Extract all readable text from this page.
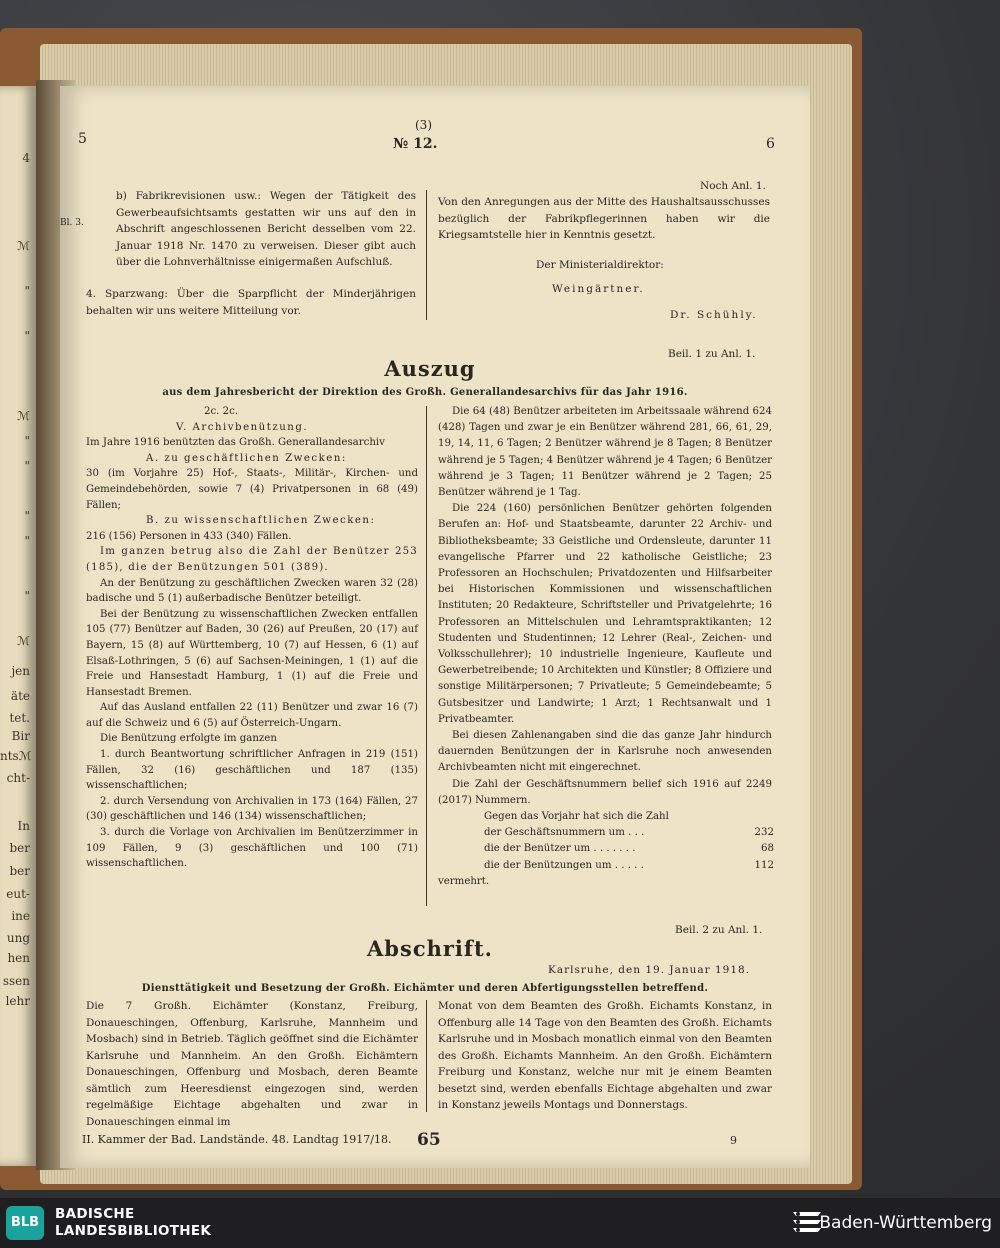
4
ℳ
"
"
ℳ
"
"
"
"
"
ℳ
jen
äte
tet.
Bir
ntsℳ
cht-
In
ber
ber
eut-
ine
ung
hen
ssen
lehr
5
(3)
№ 12.	6
Bl. 3.
b) Fabrikrevisionen usw.: Wegen der Tätigkeit des Gewerbeaufsichtsamts gestatten wir uns auf den in Abschrift angeschlossenen Bericht desselben vom 22. Januar 1918 Nr. 1470 zu verweisen. Dieser gibt auch über die Lohnverhältnisse einigermaßen Aufschluß.
4. Sparzwang: Über die Sparpflicht der Minderjährigen behalten wir uns weitere Mitteilung vor.
Noch Anl. 1.
Von den Anregungen aus der Mitte des Haushaltsausschusses bezüglich der Fabrikpflegerinnen haben wir die Kriegsamtstelle hier in Kenntnis gesetzt.
Der Ministerialdirektor:
Weingärtner.
Dr. Schühly.
Beil. 1 zu Anl. 1.
Auszug
aus dem Jahresbericht der Direktion des Großh. Generallandesarchivs für das Jahr 1916.

2c. 2c.

V. Archivbenützung.

Im Jahre 1916 benützten das Großh. Generallandesarchiv

A. zu geschäftlichen Zwecken:

30 (im Vorjahre 25) Hof-, Staats-, Militär-, Kirchen- und Gemeindebehörden, sowie 7 (4) Privatpersonen in 68 (49) Fällen;

B. zu wissenschaftlichen Zwecken:

216 (156) Personen in 433 (340) Fällen.

Im ganzen betrug also die Zahl der Benützer 253 (185), die der Benützungen 501 (389).

An der Benützung zu geschäftlichen Zwecken waren 32 (28) badische und 5 (1) außerbadische Benützer beteiligt.

Bei der Benützung zu wissenschaftlichen Zwecken entfallen 105 (77) Benützer auf Baden, 30 (26) auf Preußen, 20 (17) auf Bayern, 15 (8) auf Württemberg, 10 (7) auf Hessen, 6 (1) auf Elsaß-Lothringen, 5 (6) auf Sachsen-Meiningen, 1 (1) auf die Freie und Hansestadt Hamburg, 1 (1) auf die Freie und Hansestadt Bremen.

Auf das Ausland entfallen 22 (11) Benützer und zwar 16 (7) auf die Schweiz und 6 (5) auf Österreich-Ungarn.

Die Benützung erfolgte im ganzen

1. durch Beantwortung schriftlicher Anfragen in 219 (151) Fällen, 32 (16) geschäftlichen und 187 (135) wissenschaftlichen;

2. durch Versendung von Archivalien in 173 (164) Fällen, 27 (30) geschäftlichen und 146 (134) wissenschaftlichen;

3. durch die Vorlage von Archivalien im Benützerzimmer in 109 Fällen, 9 (3) geschäftlichen und 100 (71) wissenschaftlichen.

Die 64 (48) Benützer arbeiteten im Arbeitssaale während 624 (428) Tagen und zwar je ein Benützer während 281, 66, 61, 29, 19, 14, 11, 6 Tagen; 2 Benützer während je 8 Tagen; 8 Benützer während je 5 Tagen; 4 Benützer während je 4 Tagen; 6 Benützer während je 3 Tagen; 11 Benützer während je 2 Tagen; 25 Benützer während je 1 Tag.

Die 224 (160) persönlichen Benützer gehörten folgenden Berufen an: Hof- und Staatsbeamte, darunter 22 Archiv- und Bibliotheksbeamte; 33 Geistliche und Ordensleute, darunter 11 evangelische Pfarrer und 22 katholische Geistliche; 23 Professoren an Hochschulen; Privatdozenten und Hilfsarbeiter bei Historischen Kommissionen und wissenschaftlichen Instituten; 20 Redakteure, Schriftsteller und Privatgelehrte; 16 Professoren an Mittelschulen und Lehramtspraktikanten; 12 Studenten und Studentinnen; 12 Lehrer (Real-, Zeichen- und Volksschullehrer); 10 industrielle Ingenieure, Kaufleute und Gewerbetreibende; 10 Architekten und Künstler; 8 Offiziere und sonstige Militärpersonen; 7 Privatleute; 5 Gemeindebeamte; 5 Gutsbesitzer und Landwirte; 1 Arzt; 1 Rechtsanwalt und 1 Privatbeamter.

Bei diesen Zahlenangaben sind die das ganze Jahr hindurch dauernden Benützungen der in Karlsruhe noch anwesenden Archivbeamten nicht mit eingerechnet.

Die Zahl der Geschäftsnummern belief sich 1916 auf 2249 (2017) Nummern.

Gegen das Vorjahr hat sich die Zahl
der Geschäftsnummern um . . .	232
die der Benützer um . . . . . . .	68
die der Benützungen um . . . . .	112
vermehrt.
Beil. 2 zu Anl. 1.
Abschrift.
Karlsruhe, den 19. Januar 1918.
Diensttätigkeit und Besetzung der Großh. Eichämter und deren Abfertigungsstellen betreffend.
Die 7 Großh. Eichämter (Konstanz, Freiburg, Donaueschingen, Offenburg, Karlsruhe, Mannheim und Mosbach) sind in Betrieb. Täglich geöffnet sind die Eichämter Karlsruhe und Mannheim. An den Großh. Eichämtern Donaueschingen, Offenburg und Mosbach, deren Beamte sämtlich zum Heeresdienst eingezogen sind, werden regelmäßige Eichtage abgehalten und zwar in Donaueschingen einmal im
Monat von dem Beamten des Großh. Eichamts Konstanz, in Offenburg alle 14 Tage von den Beamten des Großh. Eichamts Karlsruhe und in Mosbach monatlich einmal von den Beamten des Großh. Eichamts Mannheim. An den Großh. Eichämtern Freiburg und Konstanz, welche nur mit je einem Beamten besetzt sind, werden ebenfalls Eichtage abgehalten und zwar in Konstanz jeweils Montags und Donnerstags.
II. Kammer der Bad. Landstände. 48. Landtag 1917/18. 65	9
BLB
BADISCHE
LANDESBIBLIOTHEK	Baden-Württemberg
